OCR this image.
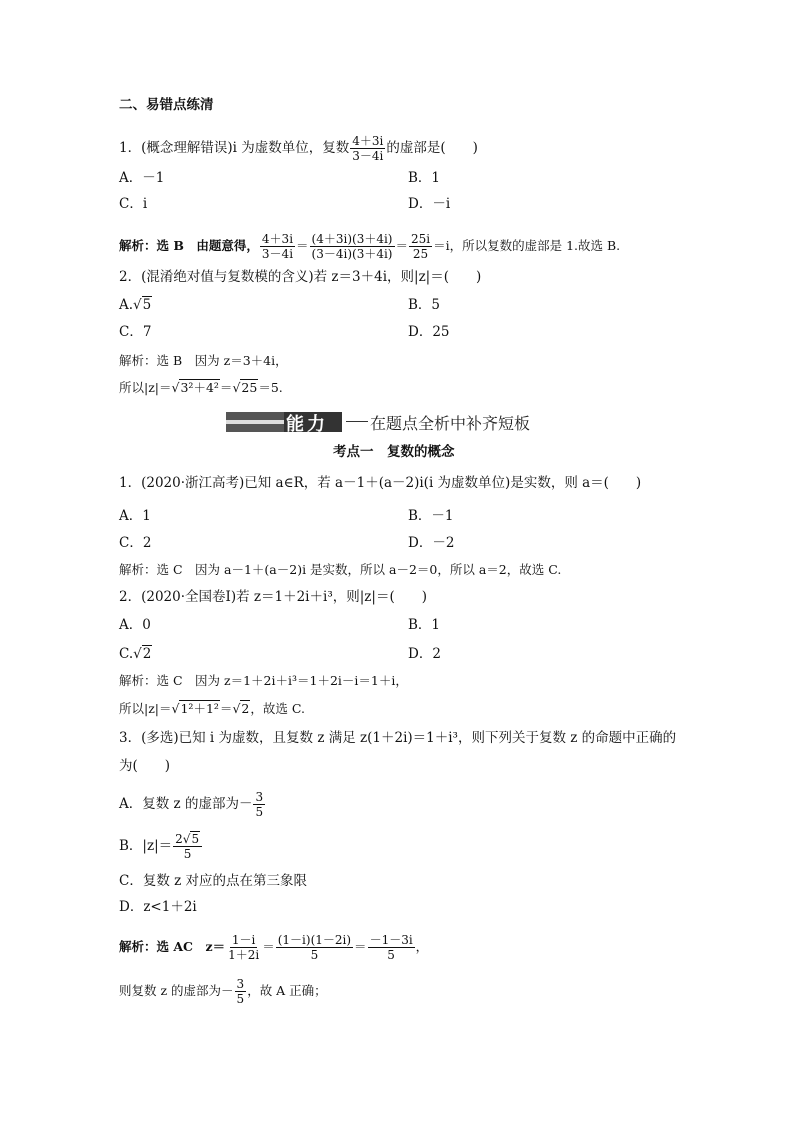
二、易错点练清
1．(概念理解错误)i 为虚数单位，复数 $\frac{4+3i}{3-4i}$ 的虚部是(　　)
A．－1	B．1
C．i	D．－i
解析：选 B　由题意得， $\frac{4+3i}{3-4i} = \frac{(4+3i)(3+4i)}{(3-4i)(3+4i)} = \frac{25i}{25} =i$，所以复数的虚部是 1.故选 B.
2．(混淆绝对值与复数模的含义)若 z＝3＋4i，则|z|＝(　　)
A.√5	B．5
C．7	D．25
解析：选 B　因为 z＝3＋4i，
所以|z|＝√3²＋4²＝√25＝5.
能力	在题点全析中补齐短板
考点一　复数的概念
1．(2020·浙江高考)已知 a∈R，若 a－1＋(a－2)i(i 为虚数单位)是实数，则 a＝(　　)
A．1	B．－1
C．2	D．－2
解析：选 C　因为 a－1＋(a－2)i 是实数，所以 a－2＝0，所以 a＝2，故选 C.
2．(2020·全国卷Ⅰ)若 z＝1＋2i＋i³，则|z|＝(　　)
A．0	B．1
C.√2	D．2
解析：选 C　因为 z＝1＋2i＋i³＝1＋2i－i＝1＋i，
所以|z|＝√1²＋1²＝√2，故选 C.
3．(多选)已知 i 为虚数，且复数 z 满足 z(1＋2i)＝1＋i³，则下列关于复数 z 的命题中正确的
为(　　)
A．复数 z 的虚部为－ $\frac{3}{5}$
B．$|z|= \frac{2√5}{5}$
C．复数 z 对应的点在第三象限
D．z<1＋2i
解析：选 AC　$z= \frac{1-i}{1+2i} = \frac{(1-i)(1-2i)}{5} = \frac{-1-3i}{5}$ ，
则复数 z 的虚部为－ $\frac{3}{5}$ ，故 A 正确；
